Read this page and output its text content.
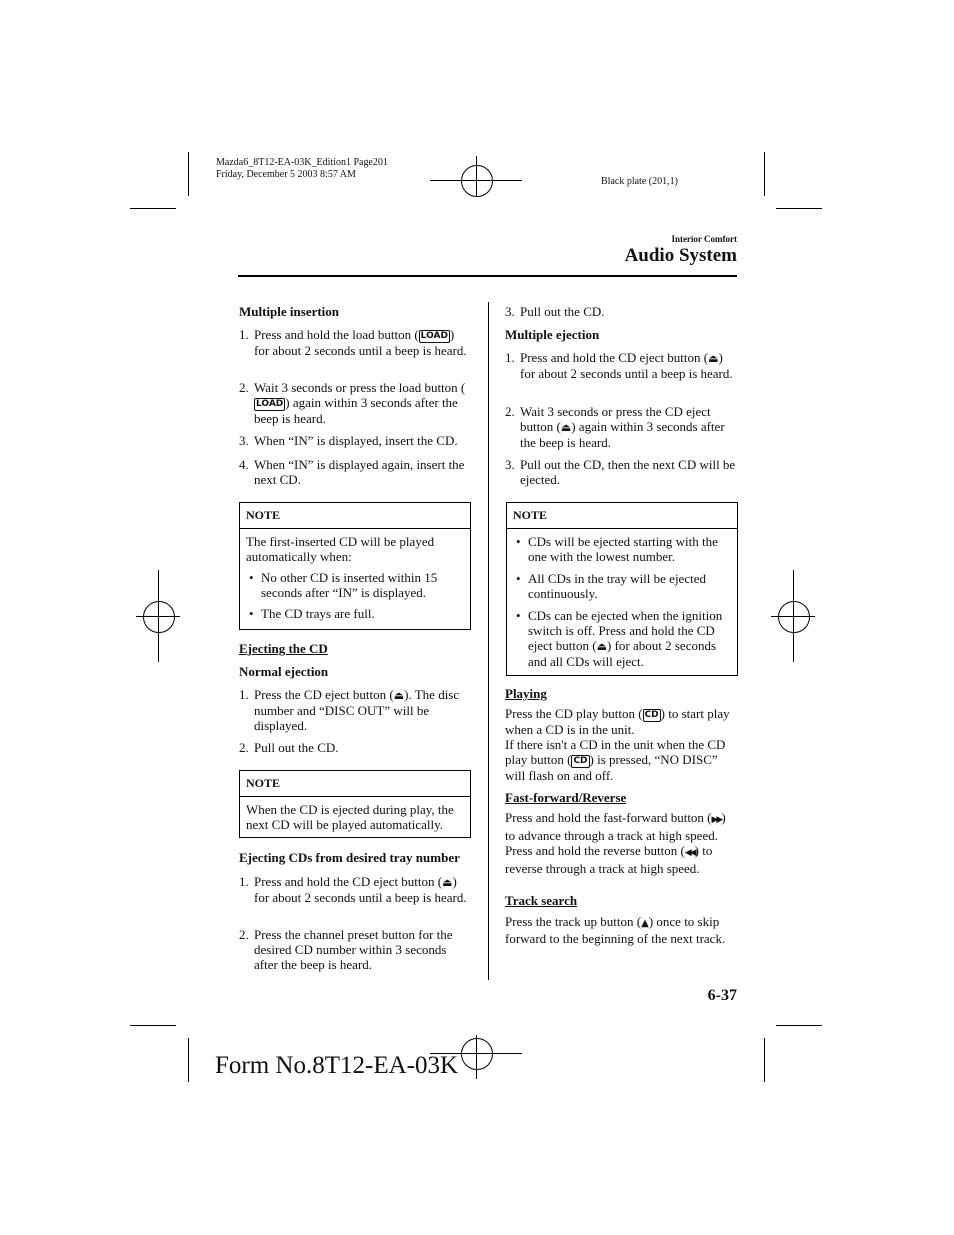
Mazda6_8T12-EA-03K_Edition1 Page201
Friday, December 5 2003 8:57 AM
Black plate (201,1)
Interior Comfort
Audio System
Multiple insertion
1. Press and hold the load button ( LOAD ) for about 2 seconds until a beep is heard.
2. Wait 3 seconds or press the load button (LOAD ) again within 3 seconds after the beep is heard.
3. When “IN” is displayed, insert the CD.
4. When “IN” is displayed again, insert the next CD.
NOTE
The first-inserted CD will be played automatically when:
• No other CD is inserted within 15 seconds after “IN” is displayed.
• The CD trays are full.
Ejecting the CD
Normal ejection
1. Press the CD eject button (⏏). The disc number and “DISC OUT” will be displayed.
2. Pull out the CD.
NOTE
When the CD is ejected during play, the next CD will be played automatically.
Ejecting CDs from desired tray number
1. Press and hold the CD eject button (⏏) for about 2 seconds until a beep is heard.
2. Press the channel preset button for the desired CD number within 3 seconds after the beep is heard.
3. Pull out the CD.
Multiple ejection
1. Press and hold the CD eject button (⏏) for about 2 seconds until a beep is heard.
2. Wait 3 seconds or press the CD eject button (⏏) again within 3 seconds after the beep is heard.
3. Pull out the CD, then the next CD will be ejected.
NOTE
• CDs will be ejected starting with the one with the lowest number.
• All CDs in the tray will be ejected continuously.
• CDs can be ejected when the ignition switch is off. Press and hold the CD eject button (⏏) for about 2 seconds and all CDs will eject.
Playing
Press the CD play button ( CD ) to start play when a CD is in the unit.
If there isn't a CD in the unit when the CD play button ( CD ) is pressed, “NO DISC” will flash on and off.
Fast-forward/Reverse
Press and hold the fast-forward button (▶▶) to advance through a track at high speed.
Press and hold the reverse button (◀◀) to reverse through a track at high speed.
Track search
Press the track up button (▲) once to skip forward to the beginning of the next track.
6-37
Form No.8T12-EA-03K
